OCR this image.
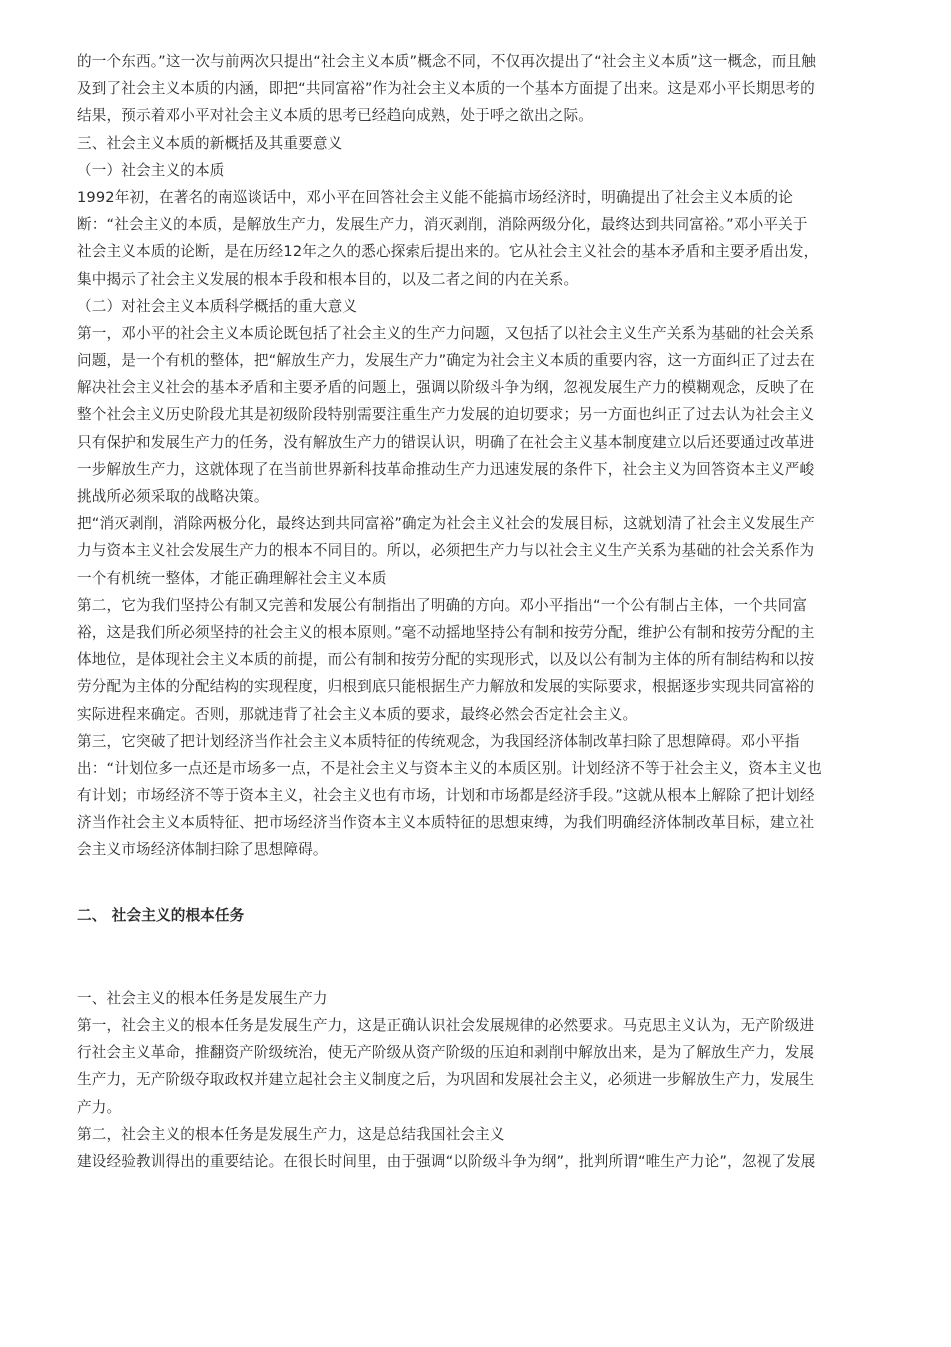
的一个东西。”这一次与前两次只提出“社会主义本质”概念不同，不仅再次提出了“社会主义本质”这一概念，而且触
及到了社会主义本质的内涵，即把“共同富裕”作为社会主义本质的一个基本方面提了出来。这是邓小平长期思考的
结果，预示着邓小平对社会主义本质的思考已经趋向成熟，处于呼之欲出之际。
三、社会主义本质的新概括及其重要意义
（一）社会主义的本质
1992年初，在著名的南巡谈话中，邓小平在回答社会主义能不能搞市场经济时，明确提出了社会主义本质的论
断：“社会主义的本质，是解放生产力，发展生产力，消灭剥削，消除两级分化，最终达到共同富裕。”邓小平关于
社会主义本质的论断，是在历经12年之久的悉心探索后提出来的。它从社会主义社会的基本矛盾和主要矛盾出发，
集中揭示了社会主义发展的根本手段和根本目的，以及二者之间的内在关系。
（二）对社会主义本质科学概括的重大意义
第一，邓小平的社会主义本质论既包括了社会主义的生产力问题，又包括了以社会主义生产关系为基础的社会关系
问题，是一个有机的整体，把“解放生产力，发展生产力”确定为社会主义本质的重要内容，这一方面纠正了过去在
解决社会主义社会的基本矛盾和主要矛盾的问题上，强调以阶级斗争为纲，忽视发展生产力的模糊观念，反映了在
整个社会主义历史阶段尤其是初级阶段特别需要注重生产力发展的迫切要求；另一方面也纠正了过去认为社会主义
只有保护和发展生产力的任务，没有解放生产力的错误认识，明确了在社会主义基本制度建立以后还要通过改革进
一步解放生产力，这就体现了在当前世界新科技革命推动生产力迅速发展的条件下，社会主义为回答资本主义严峻
挑战所必须采取的战略决策。
把“消灭剥削，消除两极分化，最终达到共同富裕”确定为社会主义社会的发展目标，这就划清了社会主义发展生产
力与资本主义社会发展生产力的根本不同目的。所以，必须把生产力与以社会主义生产关系为基础的社会关系作为
一个有机统一整体，才能正确理解社会主义本质
第二，它为我们坚持公有制又完善和发展公有制指出了明确的方向。邓小平指出“一个公有制占主体，一个共同富
裕，这是我们所必须坚持的社会主义的根本原则。”毫不动摇地坚持公有制和按劳分配，维护公有制和按劳分配的主
体地位，是体现社会主义本质的前提，而公有制和按劳分配的实现形式，以及以公有制为主体的所有制结构和以按
劳分配为主体的分配结构的实现程度，归根到底只能根据生产力解放和发展的实际要求，根据逐步实现共同富裕的
实际进程来确定。否则，那就违背了社会主义本质的要求，最终必然会否定社会主义。
第三，它突破了把计划经济当作社会主义本质特征的传统观念，为我国经济体制改革扫除了思想障碍。邓小平指
出：“计划位多一点还是市场多一点，不是社会主义与资本主义的本质区别。计划经济不等于社会主义，资本主义也
有计划；市场经济不等于资本主义，社会主义也有市场，计划和市场都是经济手段。”这就从根本上解除了把计划经
济当作社会主义本质特征、把市场经济当作资本主义本质特征的思想束缚，为我们明确经济体制改革目标，建立社
会主义市场经济体制扫除了思想障碍。
二、 社会主义的根本任务
一、社会主义的根本任务是发展生产力
第一，社会主义的根本任务是发展生产力，这是正确认识社会发展规律的必然要求。马克思主义认为，无产阶级进
行社会主义革命，推翻资产阶级统治，使无产阶级从资产阶级的压迫和剥削中解放出来，是为了解放生产力，发展
生产力，无产阶级夺取政权并建立起社会主义制度之后，为巩固和发展社会主义，必须进一步解放生产力，发展生
产力。
第二，社会主义的根本任务是发展生产力，这是总结我国社会主义
建设经验教训得出的重要结论。在很长时间里，由于强调“以阶级斗争为纲”，批判所谓“唯生产力论”，忽视了发展
